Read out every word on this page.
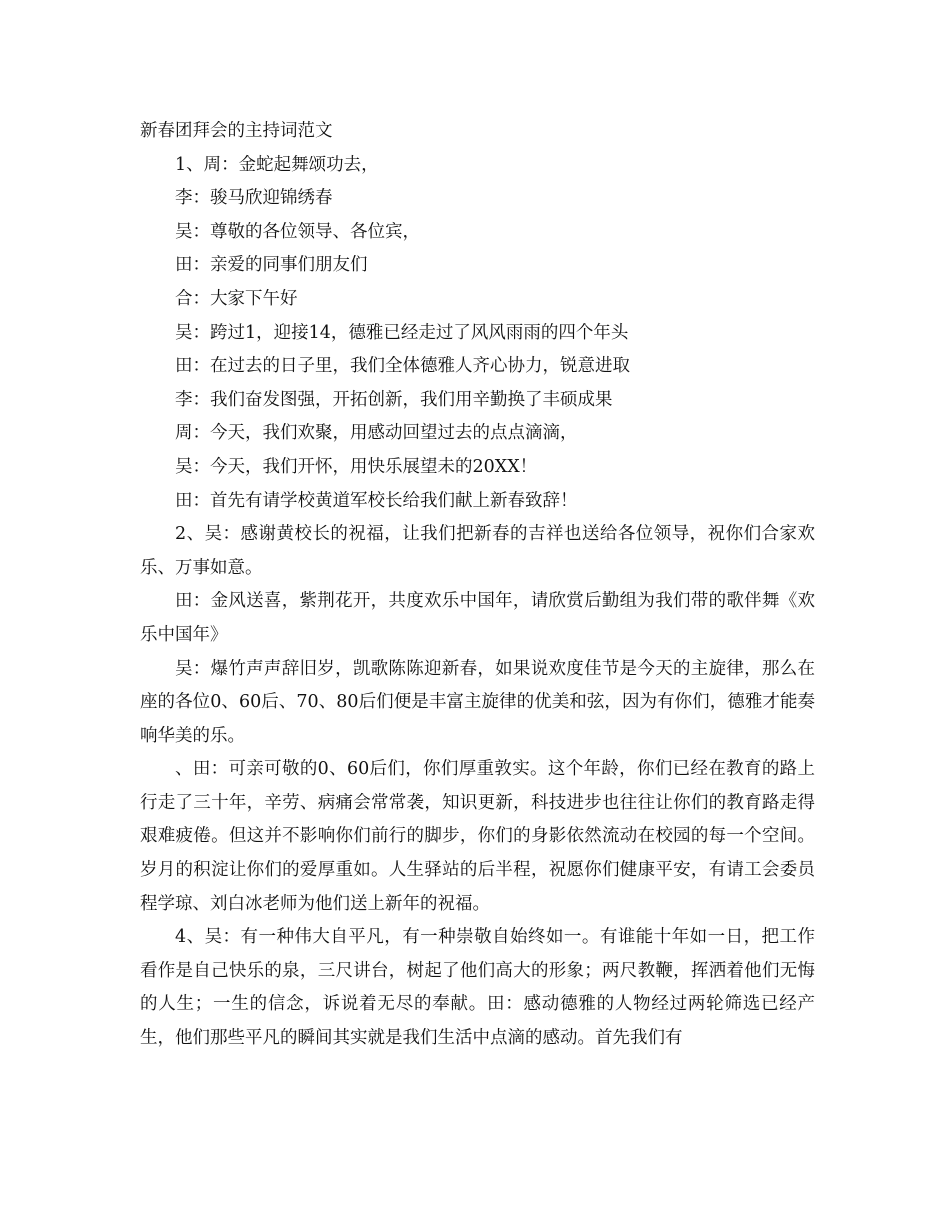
新春团拜会的主持词范文

1、周：金蛇起舞颂功去，

李：骏马欣迎锦绣春

吴：尊敬的各位领导、各位宾，

田：亲爱的同事们朋友们

合：大家下午好

吴：跨过1，迎接14，德雅已经走过了风风雨雨的四个年头

田：在过去的日子里，我们全体德雅人齐心协力，锐意进取

李：我们奋发图强，开拓创新，我们用辛勤换了丰硕成果

周：今天，我们欢聚，用感动回望过去的点点滴滴，

吴：今天，我们开怀，用快乐展望未的20XX！

田：首先有请学校黄道军校长给我们献上新春致辞！

2、吴：感谢黄校长的祝福，让我们把新春的吉祥也送给各位领导，祝你们合家欢乐、万事如意。

田：金风送喜，紫荆花开，共度欢乐中国年，请欣赏后勤组为我们带的歌伴舞《欢乐中国年》

吴：爆竹声声辞旧岁，凯歌陈陈迎新春，如果说欢度佳节是今天的主旋律，那么在座的各位0、60后、70、80后们便是丰富主旋律的优美和弦，因为有你们，德雅才能奏响华美的乐。

、田：可亲可敬的0、60后们，你们厚重敦实。这个年龄，你们已经在教育的路上行走了三十年，辛劳、病痛会常常袭，知识更新，科技进步也往往让你们的教育路走得艰难疲倦。但这并不影响你们前行的脚步，你们的身影依然流动在校园的每一个空间。岁月的积淀让你们的爱厚重如。人生驿站的后半程，祝愿你们健康平安，有请工会委员程学琼、刘白冰老师为他们送上新年的祝福。

4、吴：有一种伟大自平凡，有一种崇敬自始终如一。有谁能十年如一日，把工作看作是自己快乐的泉，三尺讲台，树起了他们高大的形象；两尺教鞭，挥洒着他们无悔的人生；一生的信念，诉说着无尽的奉献。田：感动德雅的人物经过两轮筛选已经产生，他们那些平凡的瞬间其实就是我们生活中点滴的感动。首先我们有
